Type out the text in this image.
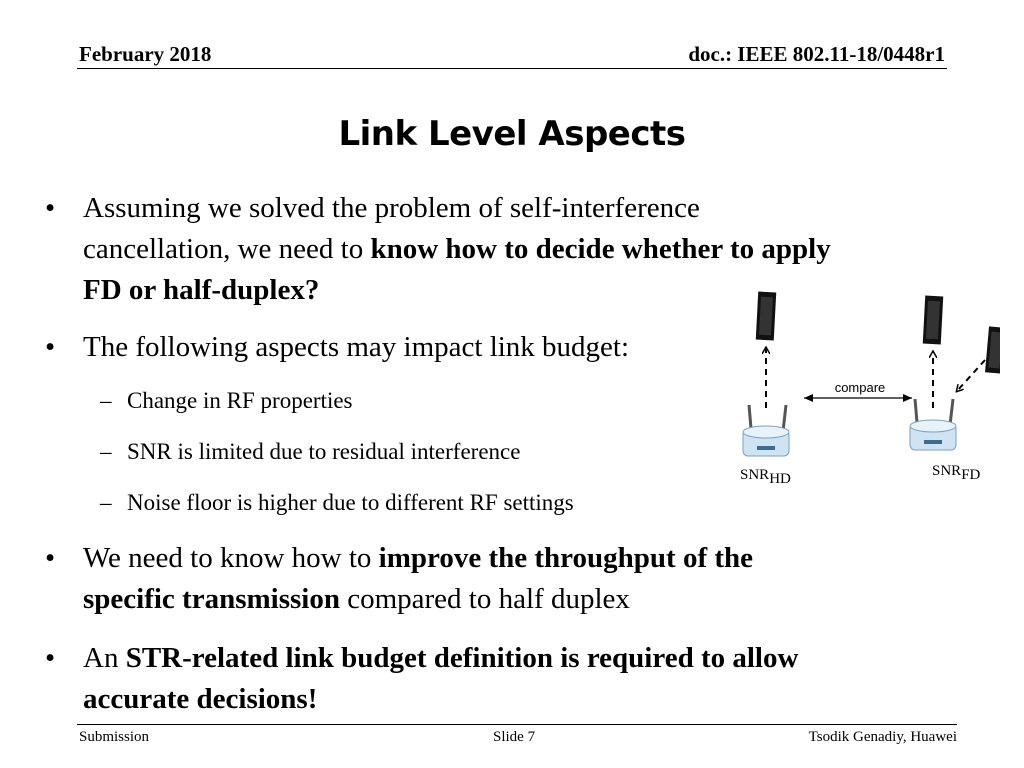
February 2018	doc.: IEEE 802.11-18/0448r1
Link Level Aspects
• Assuming we solved the problem of self-interference
cancellation, we need to know how to decide whether to apply
FD or half-duplex?
• The following aspects may impact link budget:
– Change in RF properties
– SNR is limited due to residual interference
– Noise floor is higher due to different RF settings
• We need to know how to improve the throughput of the
specific transmission compared to half duplex
• An STR-related link budget definition is required to allow
accurate decisions!
compare
SNRHD	SNRFD
Submission	Slide 7	Tsodik Genadiy, Huawei
